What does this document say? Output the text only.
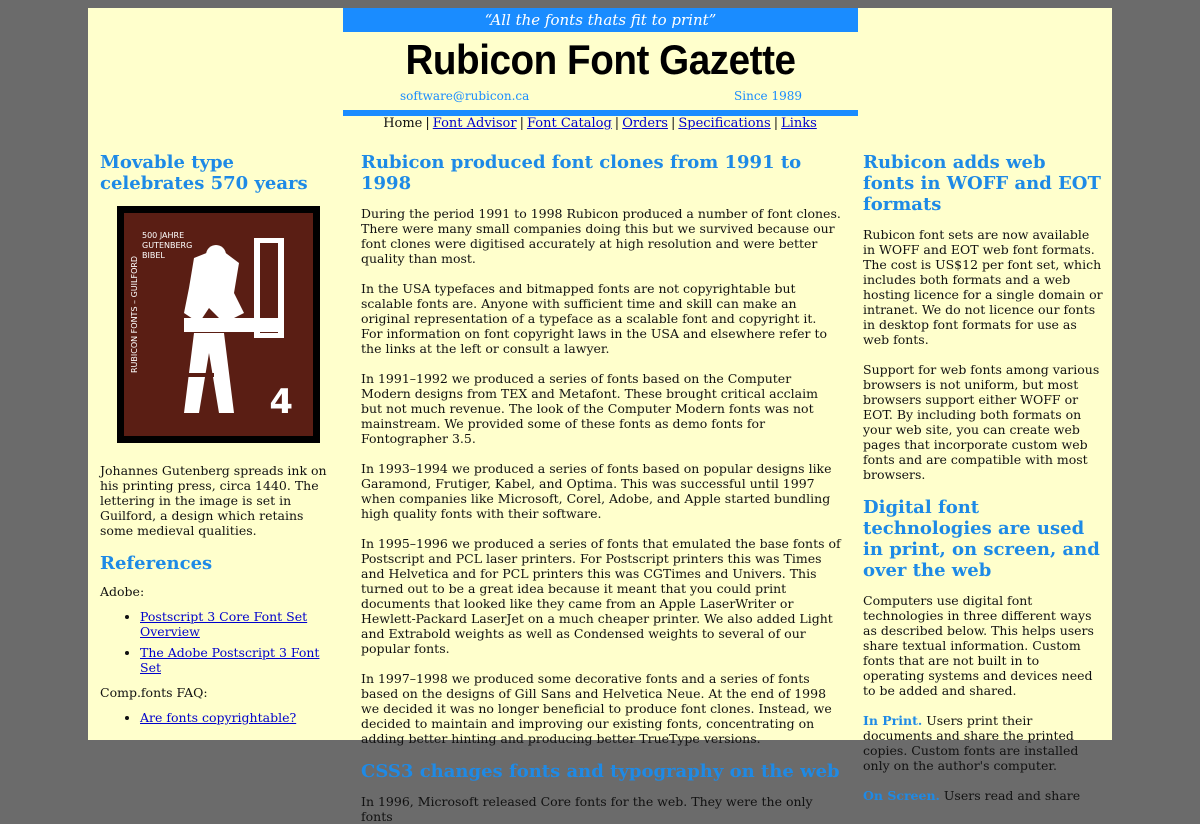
“All the fonts thats fit to print”
Rubicon Font Gazette
software@rubicon.ca	Since 1989
Home | Font Advisor | Font Catalog | Orders | Specifications | Links
Movable type celebrates 570 years
500 JAHRE
GUTENBERG
BIBEL
RUBICON FONTS – GUILFORD
4

Johannes Gutenberg spreads ink on his printing press, circa 1440. The lettering in the image is set in Guilford, a design which retains some medieval qualities.

References

Adobe:

• Postscript 3 Core Font Set Overview
• The Adobe Postscript 3 Font Set

Comp.fonts FAQ:

• Are fonts copyrightable?
Rubicon produced font clones from 1991 to 1998

During the period 1991 to 1998 Rubicon produced a number of font clones. There were many small companies doing this but we survived because our font clones were digitised accurately at high resolution and were better quality than most.

In the USA typefaces and bitmapped fonts are not copyrightable but scalable fonts are. Anyone with sufficient time and skill can make an original representation of a typeface as a scalable font and copyright it. For information on font copyright laws in the USA and elsewhere refer to the links at the left or consult a lawyer.

In 1991–1992 we produced a series of fonts based on the Computer Modern designs from TEX and Metafont. These brought critical acclaim but not much revenue. The look of the Computer Modern fonts was not mainstream. We provided some of these fonts as demo fonts for Fontographer 3.5.

In 1993–1994 we produced a series of fonts based on popular designs like Garamond, Frutiger, Kabel, and Optima. This was successful until 1997 when companies like Microsoft, Corel, Adobe, and Apple started bundling high quality fonts with their software.

In 1995–1996 we produced a series of fonts that emulated the base fonts of Postscript and PCL laser printers. For Postscript printers this was Times and Helvetica and for PCL printers this was CGTimes and Univers. This turned out to be a great idea because it meant that you could print documents that looked like they came from an Apple LaserWriter or Hewlett-Packard LaserJet on a much cheaper printer. We also added Light and Extrabold weights as well as Condensed weights to several of our popular fonts.

In 1997–1998 we produced some decorative fonts and a series of fonts based on the designs of Gill Sans and Helvetica Neue. At the end of 1998 we decided it was no longer beneficial to produce font clones. Instead, we decided to maintain and improving our existing fonts, concentrating on adding better hinting and producing better TrueType versions.

CSS3 changes fonts and typography on the web

In 1996, Microsoft released Core fonts for the web. They were the only fonts

Rubicon adds web fonts in WOFF and EOT formats

Rubicon font sets are now available in WOFF and EOT web font formats. The cost is US$12 per font set, which includes both formats and a web hosting licence for a single domain or intranet. We do not licence our fonts in desktop font formats for use as web fonts.

Support for web fonts among various browsers is not uniform, but most browsers support either WOFF or EOT. By including both formats on your web site, you can create web pages that incorporate custom web fonts and are compatible with most browsers.

Digital font technologies are used in print, on screen, and over the web

Computers use digital font technologies in three different ways as described below. This helps users share textual information. Custom fonts that are not built in to operating systems and devices need to be added and shared.

In Print. Users print their documents and share the printed copies. Custom fonts are installed only on the author's computer.

On Screen. Users read and share
